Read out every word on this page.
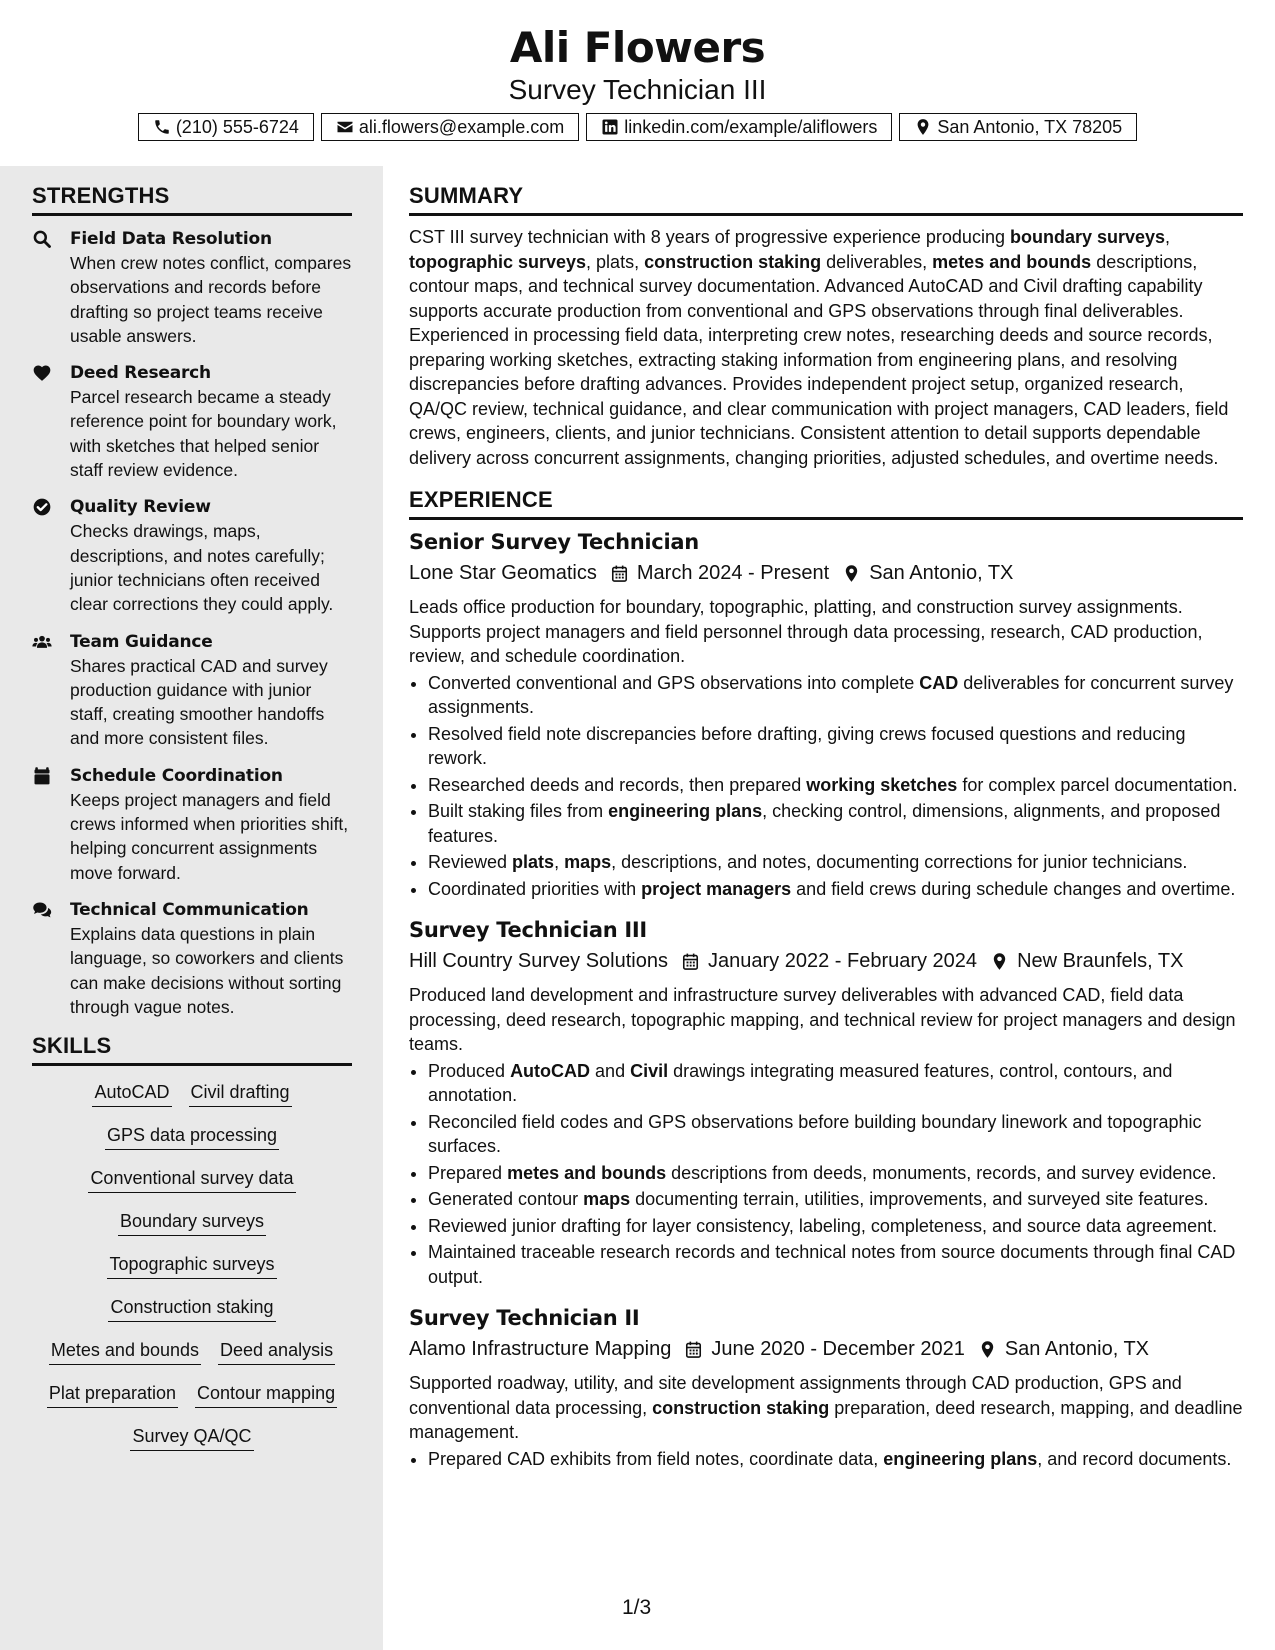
Ali Flowers
Survey Technician III
(210) 555-6724	ali.flowers@example.com	linkedin.com/example/aliflowers	San Antonio, TX 78205
STRENGTHS
Field Data Resolution
When crew notes conflict, compares observations and records before drafting so project teams receive usable answers.
Deed Research
Parcel research became a steady reference point for boundary work, with sketches that helped senior staff review evidence.
Quality Review
Checks drawings, maps, descriptions, and notes carefully; junior technicians often received clear corrections they could apply.
Team Guidance
Shares practical CAD and survey production guidance with junior staff, creating smoother handoffs and more consistent files.
Schedule Coordination
Keeps project managers and field crews informed when priorities shift, helping concurrent assignments move forward.
Technical Communication
Explains data questions in plain language, so coworkers and clients can make decisions without sorting through vague notes.
SKILLS
AutoCAD Civil drafting
GPS data processing
Conventional survey data
Boundary surveys
Topographic surveys
Construction staking
Metes and bounds Deed analysis
Plat preparation Contour mapping
Survey QA/QC
SUMMARY
CST III survey technician with 8 years of progressive experience producing boundary surveys, topographic surveys, plats, construction staking deliverables, metes and bounds descriptions, contour maps, and technical survey documentation. Advanced AutoCAD and Civil drafting capability supports accurate production from conventional and GPS observations through final deliverables. Experienced in processing field data, interpreting crew notes, researching deeds and source records, preparing working sketches, extracting staking information from engineering plans, and resolving discrepancies before drafting advances. Provides independent project setup, organized research, QA/QC review, technical guidance, and clear communication with project managers, CAD leaders, field crews, engineers, clients, and junior technicians. Consistent attention to detail supports dependable delivery across concurrent assignments, changing priorities, adjusted schedules, and overtime needs.
EXPERIENCE
Senior Survey Technician
Lone Star Geomatics March 2024 - Present San Antonio, TX
Leads office production for boundary, topographic, platting, and construction survey assignments. Supports project managers and field personnel through data processing, research, CAD production, review, and schedule coordination.
• Converted conventional and GPS observations into complete CAD deliverables for concurrent survey assignments.
• Resolved field note discrepancies before drafting, giving crews focused questions and reducing rework.
• Researched deeds and records, then prepared working sketches for complex parcel documentation.
• Built staking files from engineering plans, checking control, dimensions, alignments, and proposed features.
• Reviewed plats, maps, descriptions, and notes, documenting corrections for junior technicians.
• Coordinated priorities with project managers and field crews during schedule changes and overtime.
Survey Technician III
Hill Country Survey Solutions January 2022 - February 2024 New Braunfels, TX
Produced land development and infrastructure survey deliverables with advanced CAD, field data processing, deed research, topographic mapping, and technical review for project managers and design teams.
• Produced AutoCAD and Civil drawings integrating measured features, control, contours, and annotation.
• Reconciled field codes and GPS observations before building boundary linework and topographic surfaces.
• Prepared metes and bounds descriptions from deeds, monuments, records, and survey evidence.
• Generated contour maps documenting terrain, utilities, improvements, and surveyed site features.
• Reviewed junior drafting for layer consistency, labeling, completeness, and source data agreement.
• Maintained traceable research records and technical notes from source documents through final CAD output.
Survey Technician II
Alamo Infrastructure Mapping June 2020 - December 2021 San Antonio, TX
Supported roadway, utility, and site development assignments through CAD production, GPS and conventional data processing, construction staking preparation, deed research, mapping, and deadline management.
• Prepared CAD exhibits from field notes, coordinate data, engineering plans, and record documents.
1/3
